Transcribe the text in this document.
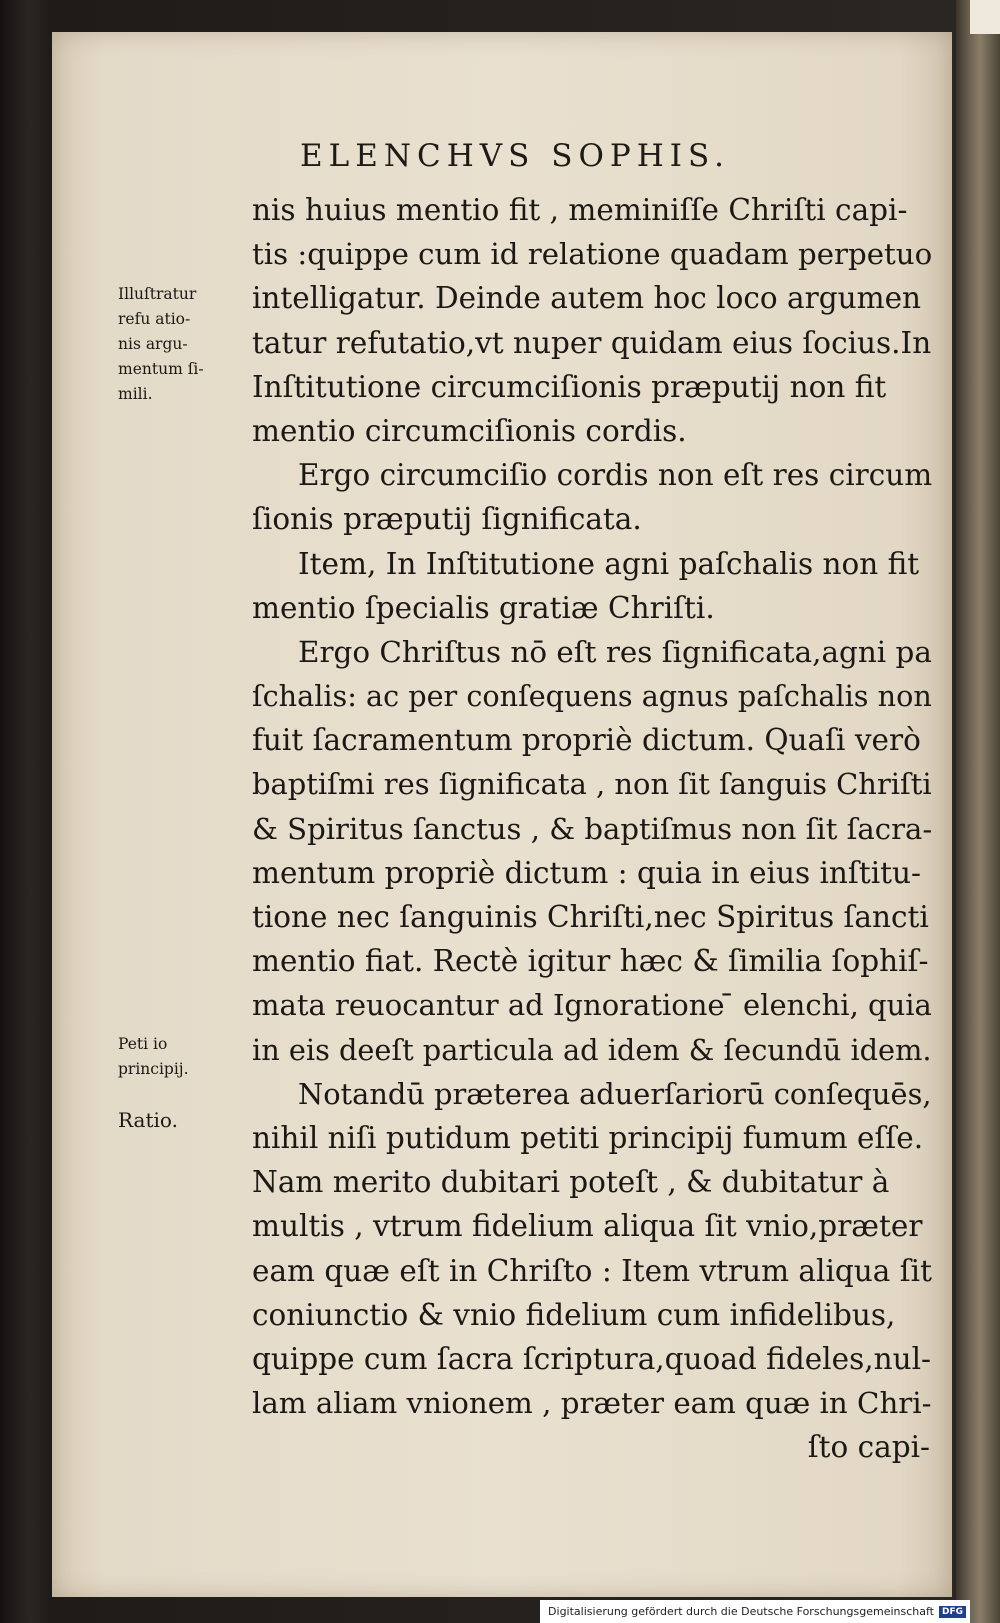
ELENCHVS SOPHIS.
Illuſtratur
refu atio-
nis argu-
mentum ſi-
mili.
Peti io
principij.
Ratio.
nis huius mentio fit , meminiſſe Chriſti capi-
tis :quippe cum id relatione quadam perpetuo
intelligatur. Deinde autem hoc loco argumen
tatur refutatio,vt nuper quidam eius ſocius.In
Inſtitutione circumciſionis præputij non fit
mentio circumciſionis cordis.
Ergo circumciſio cordis non eſt res circum
ſionis præputij ſignificata.
Item, In Inſtitutione agni paſchalis non fit
mentio ſpecialis gratiæ Chriſti.
Ergo Chriſtus nō eſt res ſignificata,agni pa
ſchalis: ac per conſequens agnus paſchalis non
fuit ſacramentum propriè dictum. Quaſi verò
baptiſmi res ſignificata , non ſit ſanguis Chriſti
& Spiritus ſanctus , & baptiſmus non ſit ſacra-
mentum propriè dictum : quia in eius inſtitu-
tione nec ſanguinis Chriſti,nec Spiritus ſancti
mentio fiat. Rectè igitur hæc & ſimilia ſophiſ-
mata reuocantur ad Ignoratione ̄ elenchi, quia
in eis deeſt particula ad idem & ſecundū idem.
Notandū præterea aduerſariorū conſequēs,
nihil niſi putidum petiti principij fumum eſſe.
Nam merito dubitari poteſt , & dubitatur à
multis , vtrum fidelium aliqua ſit vnio,præter
eam quæ eſt in Chriſto : Item vtrum aliqua ſit
coniunctio & vnio fidelium cum infidelibus,
quippe cum ſacra ſcriptura,quoad fideles,nul-
lam aliam vnionem , præter eam quæ in Chri-
ſto capi-
Digitalisierung gefördert durch die Deutsche Forschungsgemeinschaft DFG
